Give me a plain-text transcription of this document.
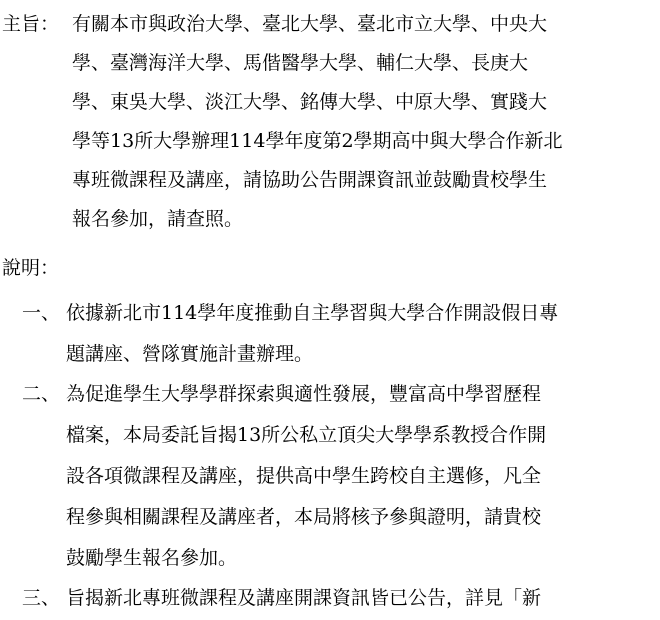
主旨： 有關本市與政治大學、臺北大學、臺北市立大學、中央大
學、臺灣海洋大學、馬偕醫學大學、輔仁大學、長庚大
學、東吳大學、淡江大學、銘傳大學、中原大學、實踐大
學等13所大學辦理114學年度第2學期高中與大學合作新北
專班微課程及講座，請協助公告開課資訊並鼓勵貴校學生
報名參加，請查照。
說明：
一、 依據新北市114學年度推動自主學習與大學合作開設假日專
題講座、營隊實施計畫辦理。
二、 為促進學生大學學群探索與適性發展，豐富高中學習歷程
檔案，本局委託旨揭13所公私立頂尖大學學系教授合作開
設各項微課程及講座，提供高中學生跨校自主選修，凡全
程參與相關課程及講座者，本局將核予參與證明，請貴校
鼓勵學生報名參加。
三、 旨揭新北專班微課程及講座開課資訊皆已公告，詳見「新
